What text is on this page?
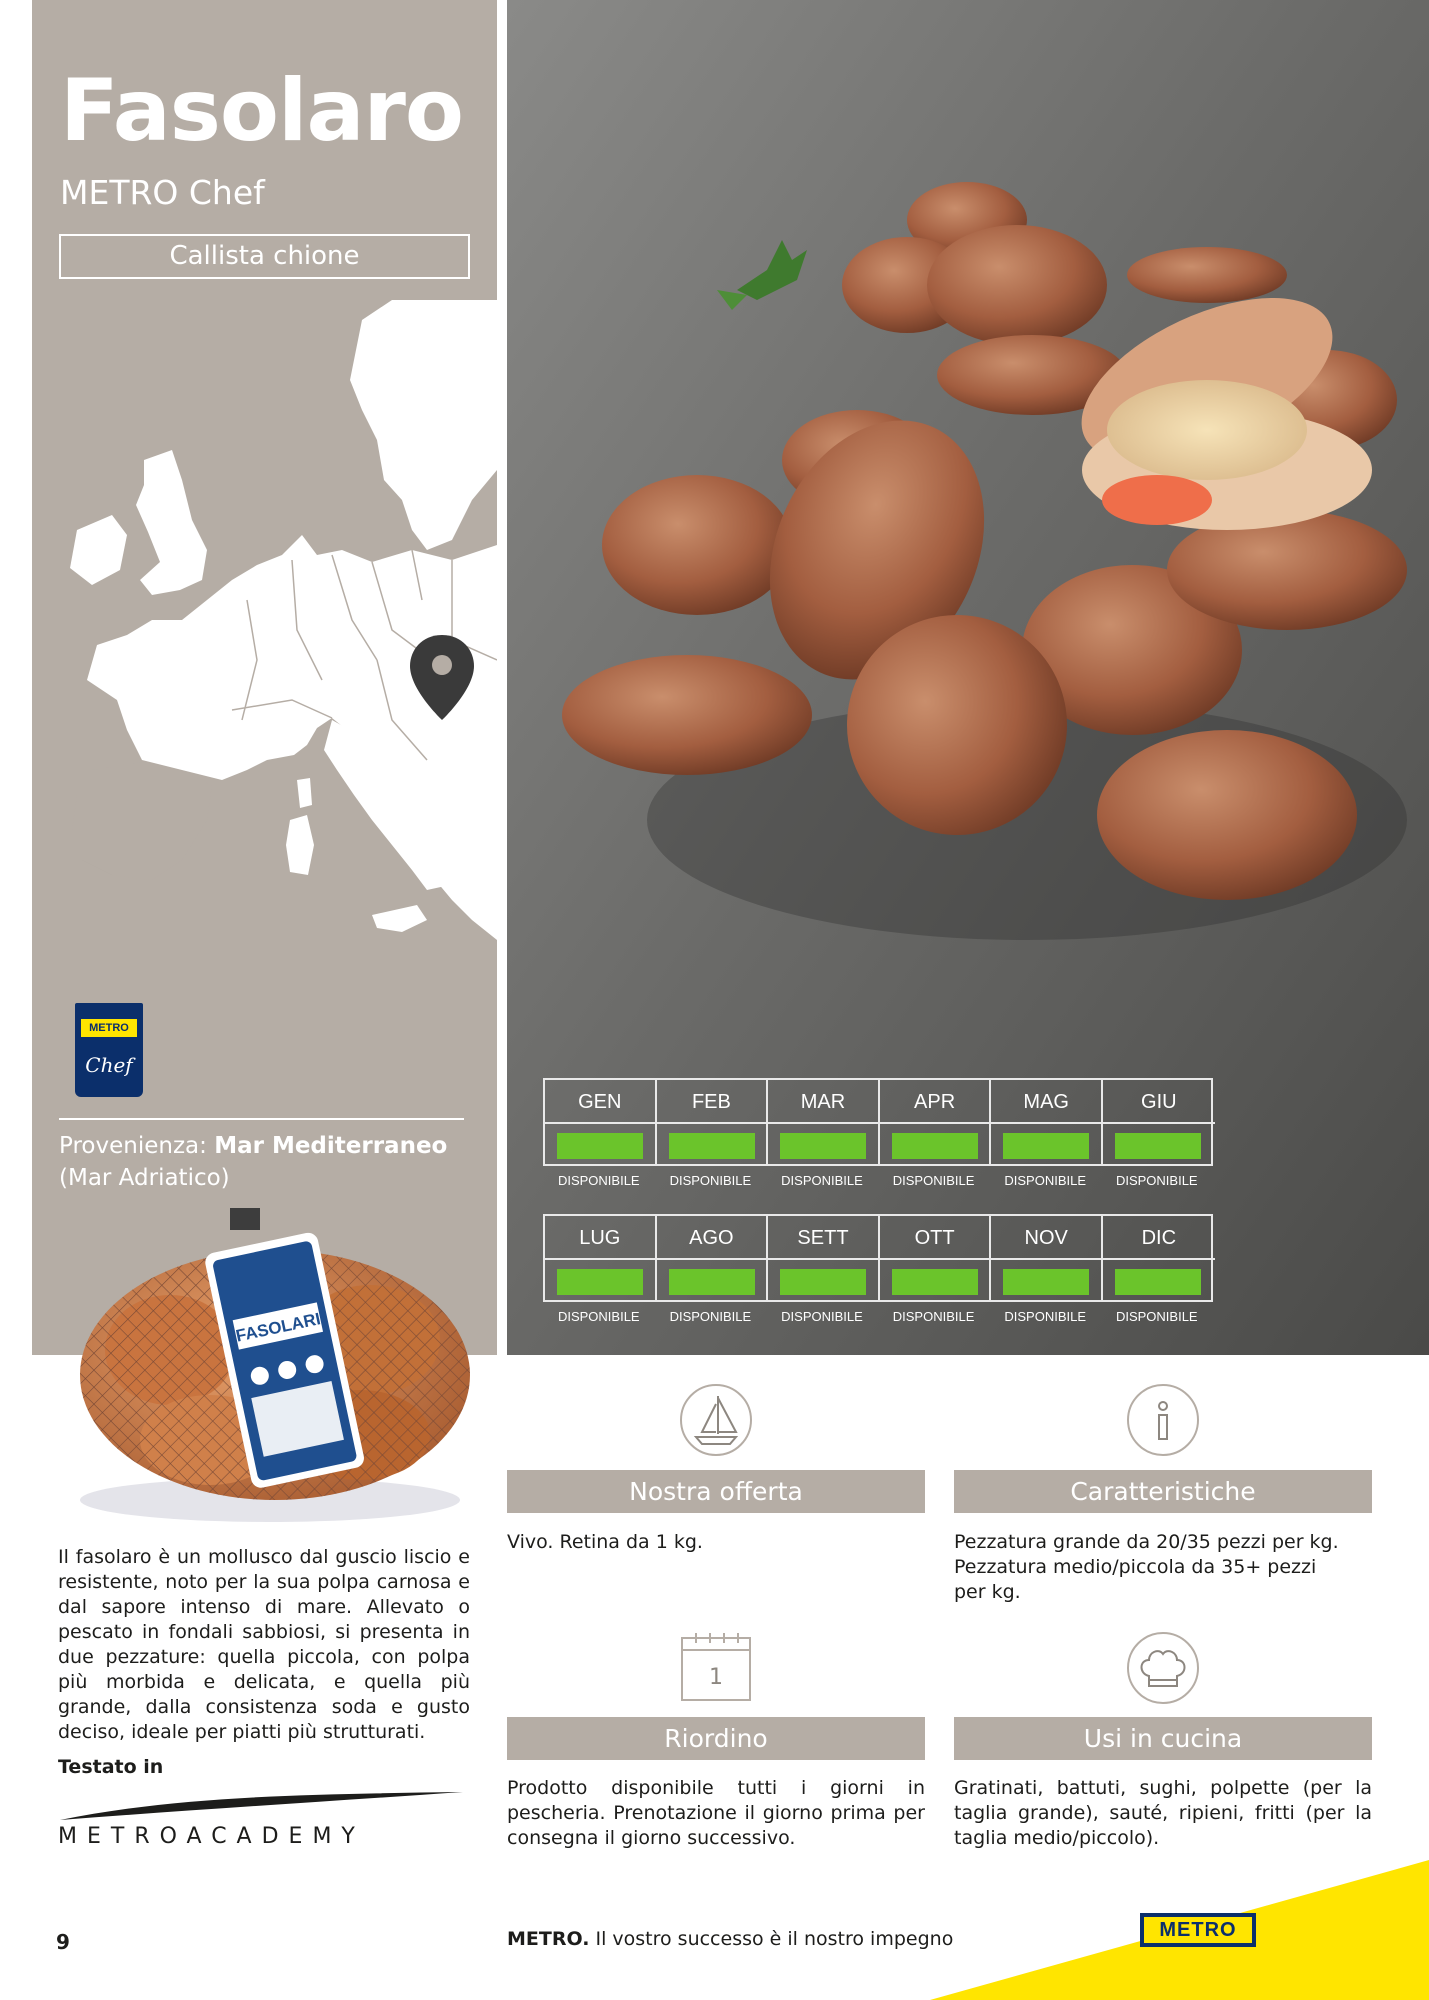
Fasolaro
METRO Chef
Callista chione
Provenienza: Mar Mediterraneo
(Mar Adriatico)
METRO
Chef
GEN	FEB	MAR	APR	MAG	GIU
DISPONIBILE	DISPONIBILE	DISPONIBILE	DISPONIBILE	DISPONIBILE	DISPONIBILE
LUG	AGO	SETT	OTT	NOV	DIC
DISPONIBILE	DISPONIBILE	DISPONIBILE	DISPONIBILE	DISPONIBILE	DISPONIBILE
FASOLARI
Il fasolaro è un mollusco dal guscio liscio e resistente, noto per la sua polpa carnosa e dal sapore intenso di mare. Allevato o pescato in fondali sabbiosi, si presenta in due pezzature: quella piccola, con polpa più morbida e delicata, e quella più grande, dalla consistenza soda e gusto deciso, ideale per piatti più strutturati.
Testato in
METROACADEMY
1
Nostra offerta
Vivo. Retina da 1 kg.
Caratteristiche
Pezzatura grande da 20/35 pezzi per kg.
Pezzatura medio/piccola da 35+ pezzi
per kg.
Riordino
Prodotto disponibile tutti i giorni in pescheria. Prenotazione il giorno prima per consegna il giorno successivo.
Usi in cucina
Gratinati, battuti, sughi, polpette (per la taglia grande), sauté, ripieni, fritti (per la taglia medio/piccolo).
9	METRO. Il vostro successo è il nostro impegno	METRO
